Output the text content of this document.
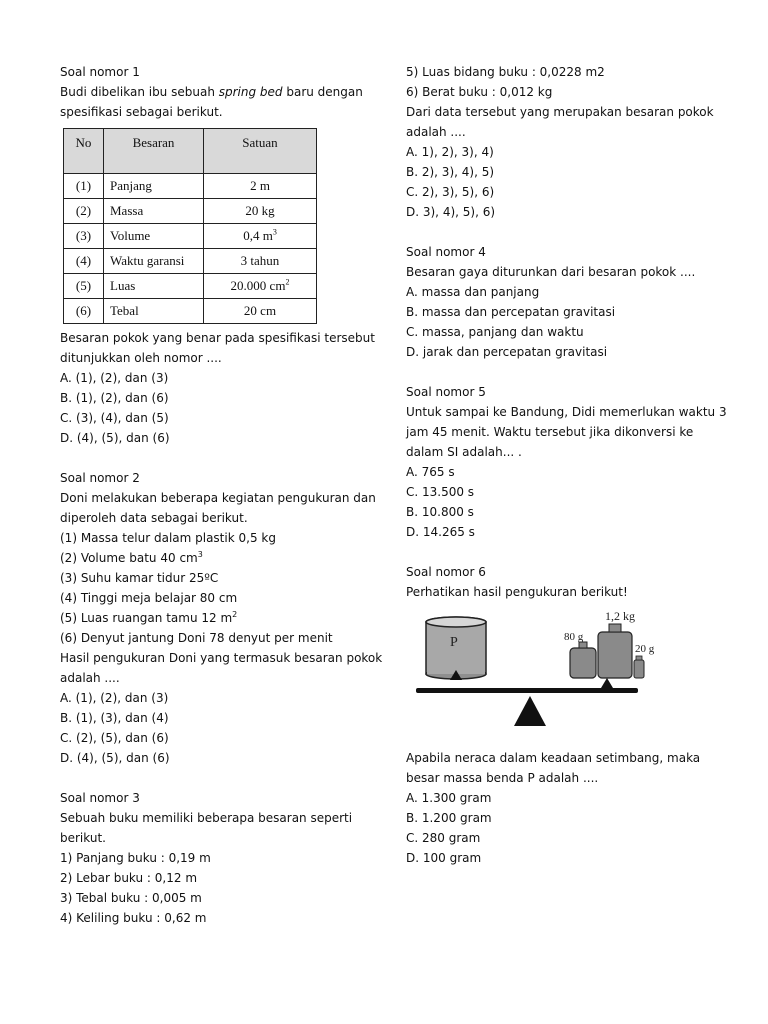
Soal nomor 1
Budi dibelikan ibu sebuah spring bed baru dengan
spesifikasi sebagai berikut.
No	Besaran	Satuan
(1)	Panjang	2 m
(2)	Massa	20 kg
(3)	Volume	0,4 $m^3$
(4)	Waktu garansi	3 tahun
(5)	Luas	20.000 $cm^2$
(6)	Tebal	20 cm
Besaran pokok yang benar pada spesifikasi tersebut
ditunjukkan oleh nomor ....
A. (1), (2), dan (3)
B. (1), (2), dan (6)
C. (3), (4), dan (5)
D. (4), (5), dan (6)
Soal nomor 2
Doni melakukan beberapa kegiatan pengukuran dan
diperoleh data sebagai berikut.
(1) Massa telur dalam plastik 0,5 kg
(2) Volume batu 40 $cm^3$
(3) Suhu kamar tidur 25ºC
(4) Tinggi meja belajar 80 cm
(5) Luas ruangan tamu 12 $m^2$
(6) Denyut jantung Doni 78 denyut per menit
Hasil pengukuran Doni yang termasuk besaran pokok
adalah ....
A. (1), (2), dan (3)
B. (1), (3), dan (4)
C. (2), (5), dan (6)
D. (4), (5), dan (6)
Soal nomor 3
Sebuah buku memiliki beberapa besaran seperti
berikut.
1) Panjang buku : 0,19 m
2) Lebar buku : 0,12 m
3) Tebal buku : 0,005 m
4) Keliling buku : 0,62 m
5) Luas bidang buku : 0,0228 m2
6) Berat buku : 0,012 kg
Dari data tersebut yang merupakan besaran pokok
adalah ....
A. 1), 2), 3), 4)
B. 2), 3), 4), 5)
C. 2), 3), 5), 6)
D. 3), 4), 5), 6)
Soal nomor 4
Besaran gaya diturunkan dari besaran pokok ....
A. massa dan panjang
B. massa dan percepatan gravitasi
C. massa, panjang dan waktu
D. jarak dan percepatan gravitasi
Soal nomor 5
Untuk sampai ke Bandung, Didi memerlukan waktu 3
jam 45 menit. Waktu tersebut jika dikonversi ke
dalam SI adalah... .
A. 765 s
C. 13.500 s
B. 10.800 s
D. 14.265 s
Soal nomor 6
Perhatikan hasil pengukuran berikut!
P
1,2 kg
80 g
20 g
Apabila neraca dalam keadaan setimbang, maka
besar massa benda P adalah ....
A. 1.300 gram
B. 1.200 gram
C. 280 gram
D. 100 gram
